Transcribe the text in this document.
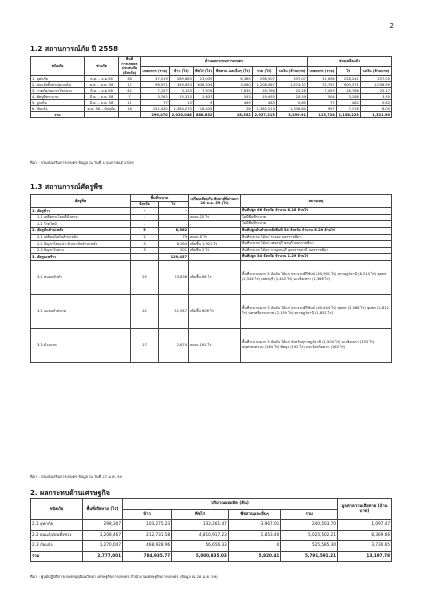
2
1.2 สถานการณ์ภัย ปี 2558
ชนิดภัย	ช่วงภัย	พื้นที่ การเกษตร ประสบภัย (จังหวัด)	ด้านผลกระทบการเกษตร						ช่วยเหลือแล้ว		
			เกษตรกร (ราย)	ข้าว (ไร่)	พืชไร่ (ไร่)	พืชสวน และอื่นๆ (ไร่)	รวม (ไร่)	วงเงิน (ล้านบาท)	เกษตรกร (ราย)	ไร่	วงเงิน (ล้านบาท)
1. อุทกภัย	ต.ค. – ธ.ค.58	38	37,019	289,883	23,039	6,385	298,307	337.07	31,656	228,241	257.05
2. ฝนแล้งทิ้งช่วง(ฝนแล้ง)	พ.ค. – ธ.ค. 58	17	98,971	349,653	836,534	3,080	1,208,467	1,574.37	72,797	900,371	1,036.99
3. วาตภัย/ลมกรรโชกแรง	มี.ค. – ธ.ค.58	42	7,157	3,153	7,976	7,635	18,766	25.28	7,493	18,766	25.17
4. ศัตรูพืชระบาด	มี.ค. – ธ.ค. 58	7	3,762	15,313	2,637	543	19,493	20.59	504	3,186	3.50
5. ลูกเห็บ	มี.ค. – ธ.ค. 58	11	77	13	9	469	483	0.80	77	482	0.82
6. ภัยแล้ง	ต.ค. 56 – ปัจจุบัน	16	151,420	1,364,070	18,435	28	1,382,513	1,336.80	997	7,176	8.05
รวม			299,470	2,020,048	888,632	18,552	2,927,213	3,299.91	113,724	1,158,223	1,321.90
ที่มา : กรมส่งเสริมการเกษตร ข้อมูล ณ วันที่ 4 กุมภาพันธ์ 2559
1.3 สถานการณ์ศัตรูพืช
ศัตรูพืช	พื้นที่ระบาด		เปรียบเทียบกับ สัปดาห์ที่ผ่านมา 20 ม.ค. 59 (ไร่)	หมายเหตุ
	จังหวัด	ไร่		
1. ศัตรูข้าว	-	-		พื้นที่ปลูก 66 จังหวัด จำนวน 6.26 ล้านไร่
1.1 เพลี้ยกระโดดสีน้ำตาล	-	-	ลดลง 25 ไร่	ไม่มีพื้นที่ระบาด
1.2 โรคไหม้	-	-	-	ไม่มีพื้นที่ระบาด
2. ศัตรูมันสำปะหลัง	5	8,562		พื้นที่ปลูกมันสำปะหลังพื้นที่ 54 จังหวัด จำนวน 8.20 ล้านไร่
2.1 เพลี้ยแป้งมันสำปะหลัง	2	79	ลดลง 8 ไร่	พื้นที่ระบาด ได้แก่ ระยอง นครราชสีมา
2.2 ปัญหาโคนเน่า-หัวเน่ามันสำปะหลัง	3	8,284	เพิ่มขึ้น 1,921 ไร่	พื้นที่ระบาด ได้แก่ เพชรบุรี ชลบุรี นครราชสีมา
2.3 ปัญหาใบด่าง	3	201	เพิ่มขึ้น 2 ไร่	พื้นที่ระบาด ได้แก่ กาญจนบุรี อุบลราชธานี นครราชสีมา
3. ศัตรูมะพร้าว		129,457		พื้นที่ปลูก 54 จังหวัด จำนวน 1.29 ล้านไร่
3.1 หนอนหัวดำ	25	74,836	เพิ่มขึ้น 66 ไร่	พื้นที่ระบาดมาก 5 อันดับ ได้แก่ ประจวบคีรีขันธ์ (40,991 ไร่) สุราษฎร์ธานี (6,210 ไร่) ชุมพร (2,544 ไร่) เพชรบุรี (1,442 ไร่) ฉะเชิงเทรา (1,366 ไร่)
3.2 แมลงดำหนาม	22	51,947	เพิ่มขึ้น 606 ไร่	พื้นที่ระบาดมาก 5 อันดับ ได้แก่ ประจวบคีรีขันธ์ (40,444 ไร่) ชุมพร (2,586 ไร่) ชุมพร (2,812 ไร่) นครศรีธรรมราช (2,159 ไร่) สุราษฎร์ธานี (1,852 ไร่)
3.3 ด้วงแรด	17	2,674	ลดลง 161 ไร่	พื้นที่ระบาดมาก 5 อันดับ ได้แก่ จังหวัดสุราษฎร์ธานี (1,504 ไร่) ฉะเชิงเทรา (333 ไร่) สมุทรสงคราม (164 ไร่) พัทลุง (192 ไร่) และจังหวัดตาก (163 ไร่)
ที่มา : กรมส่งเสริมการเกษตร ข้อมูล ณ วันที่ 27 ม.ค. 59
2. ผลกระทบด้านเศรษฐกิจ
ชนิดภัย	พื้นที่เสียหาย (ไร่)	ปริมาณผลผลิต (ตัน)				มูลค่าความเสียหาย (ล้านบาท)
		ข้าว	พืชไร่	พืชสวนและอื่นๆ	รวม	
2.1 อุทกภัย	298,307	103,275.23	133,261.47	3,967.01	240,503.70	1,097.47
2.2 ฝนแล้ง/ฝนทิ้งช่วง	1,208,467	212,731.58	4,810,917.23	1,853.40	5,025,502.21	8,369.66
2.3 ภัยแล้ง	1,270,047	468,928.96	56,656.33	0	525,585.30	3,730.65
รวม	2,777,001	784,935.77	5,000,835.03	5,820.41	5,791,591.21	13,197.78
ที่มา : ศูนย์ปฏิบัติการเกษตรอุตุนิยมวิทยา เศรษฐกิจการเกษตร สำนักงานเศรษฐกิจการเกษตร (ข้อมูล ณ 28 ม.ค. 59)
